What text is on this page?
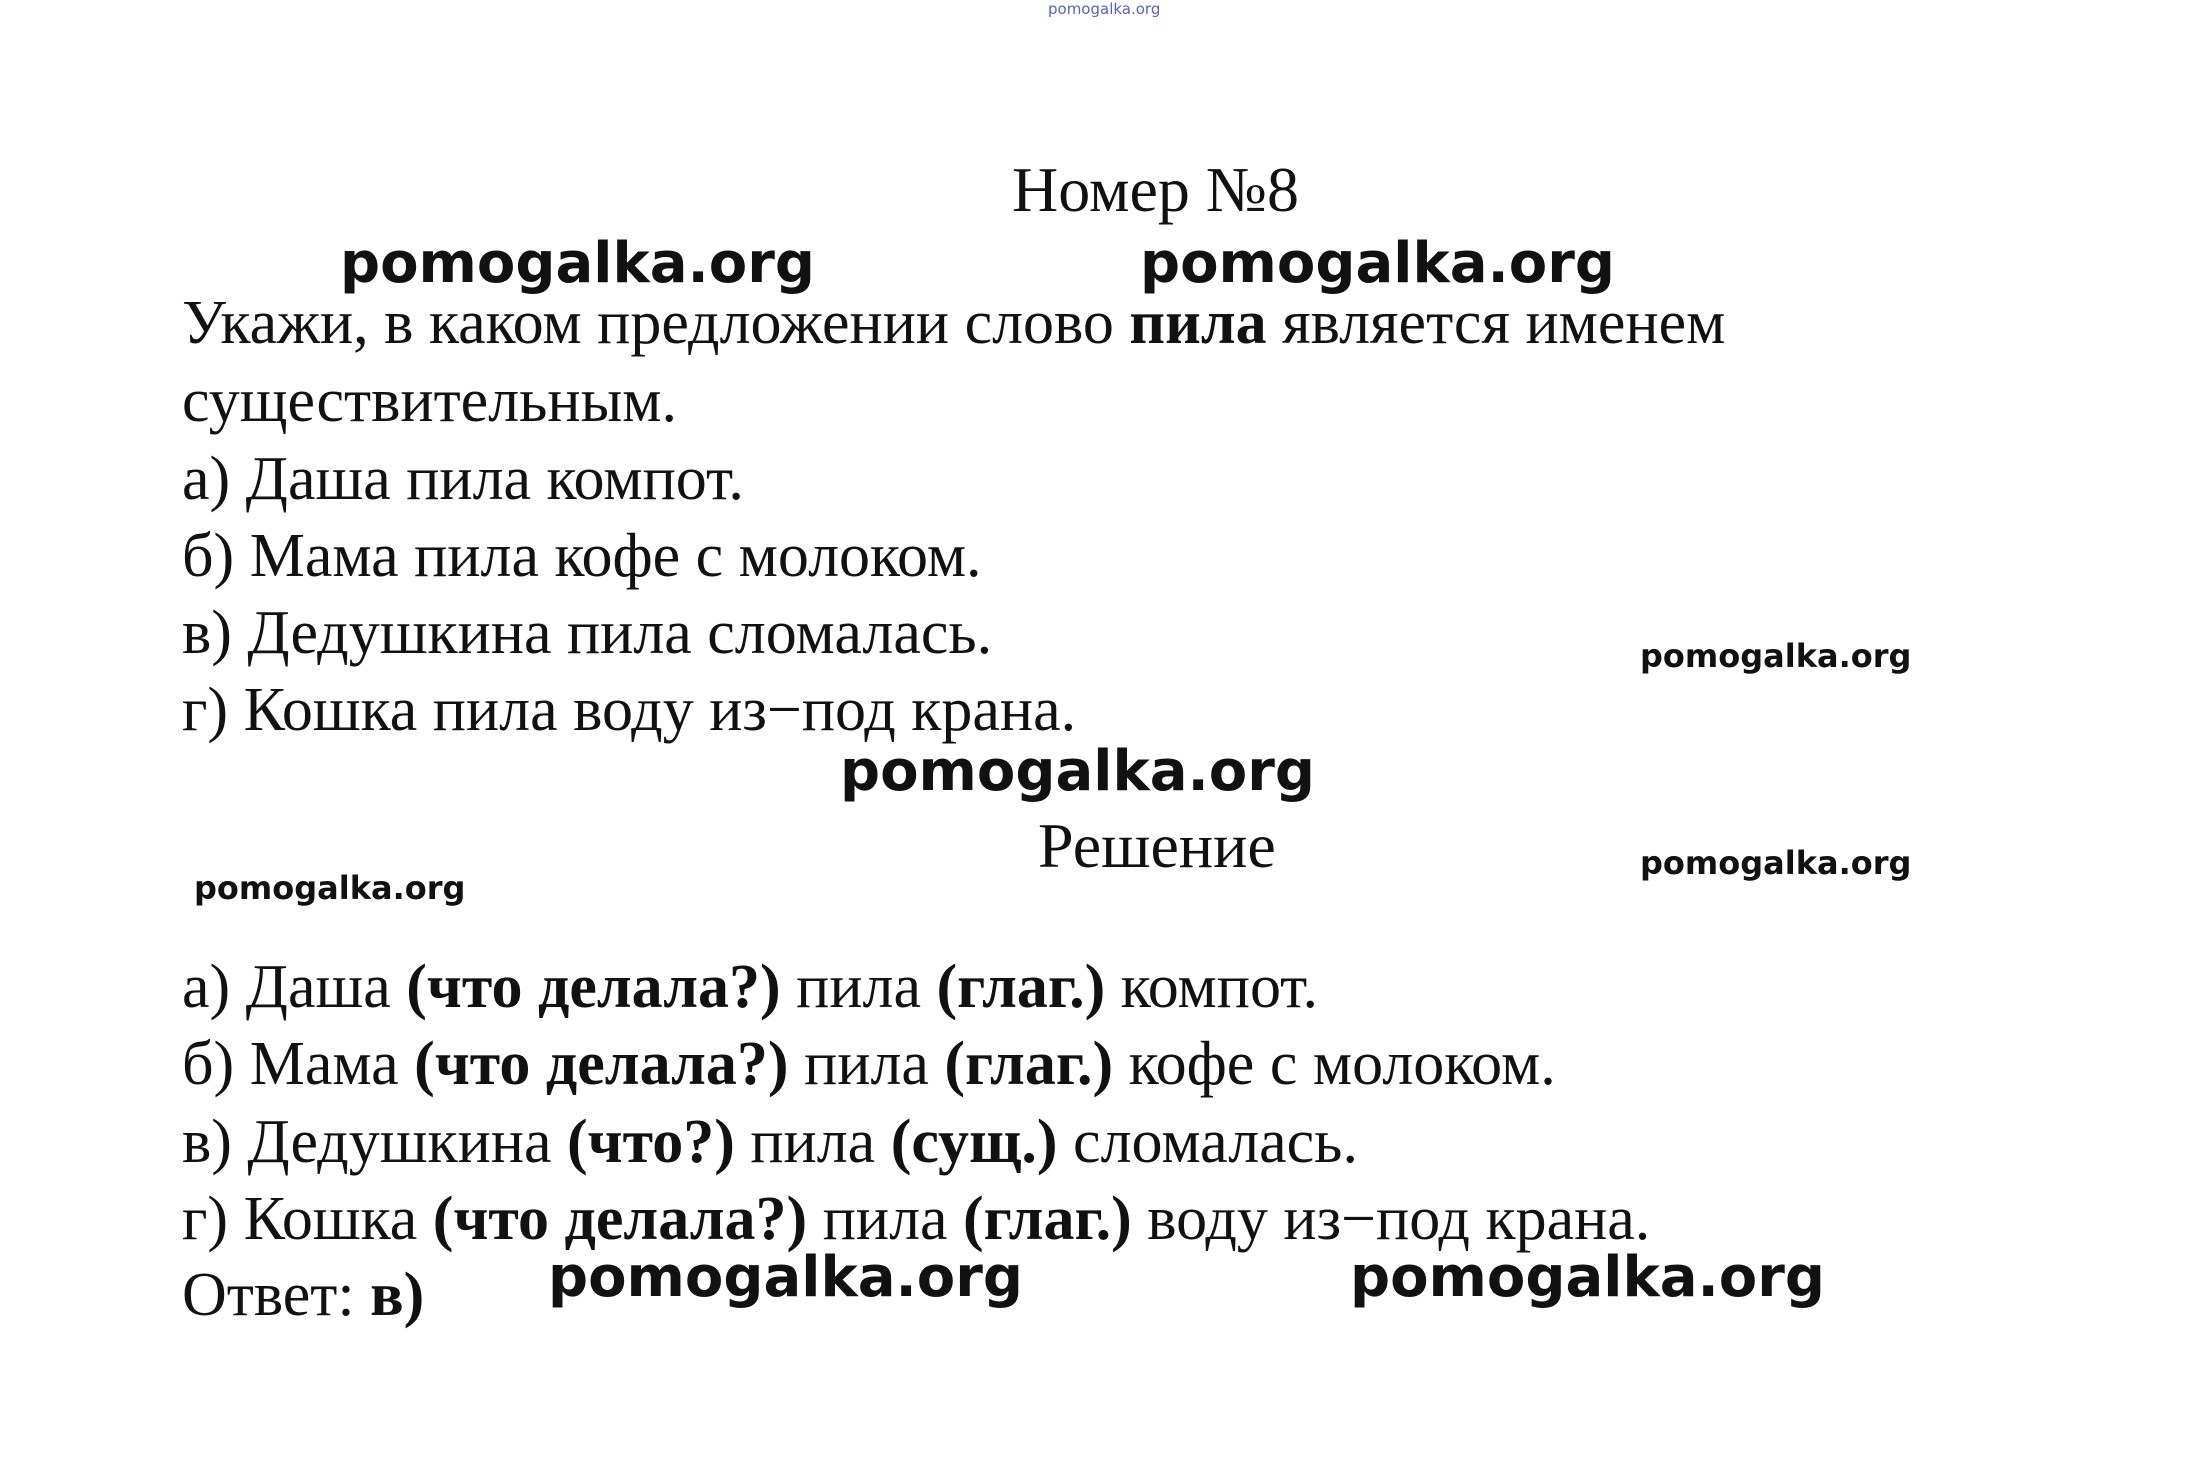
pomogalka.org
Номер №8
pomogalka.org	pomogalka.org
Укажи, в каком предложении слово пила является именем
существительным.
а) Даша пила компот.
б) Мама пила кофе с молоком.
в) Дедушкина пила сломалась.
г) Кошка пила воду из−под крана.
pomogalka.org
pomogalka.org
Решение	pomogalka.org
pomogalka.org
а) Даша (что делала?) пила (глаг.) компот.
б) Мама (что делала?) пила (глаг.) кофе с молоком.
в) Дедушкина (что?) пила (сущ.) сломалась.
г) Кошка (что делала?) пила (глаг.) воду из−под крана.
Ответ: в) pomogalka.org	pomogalka.org
